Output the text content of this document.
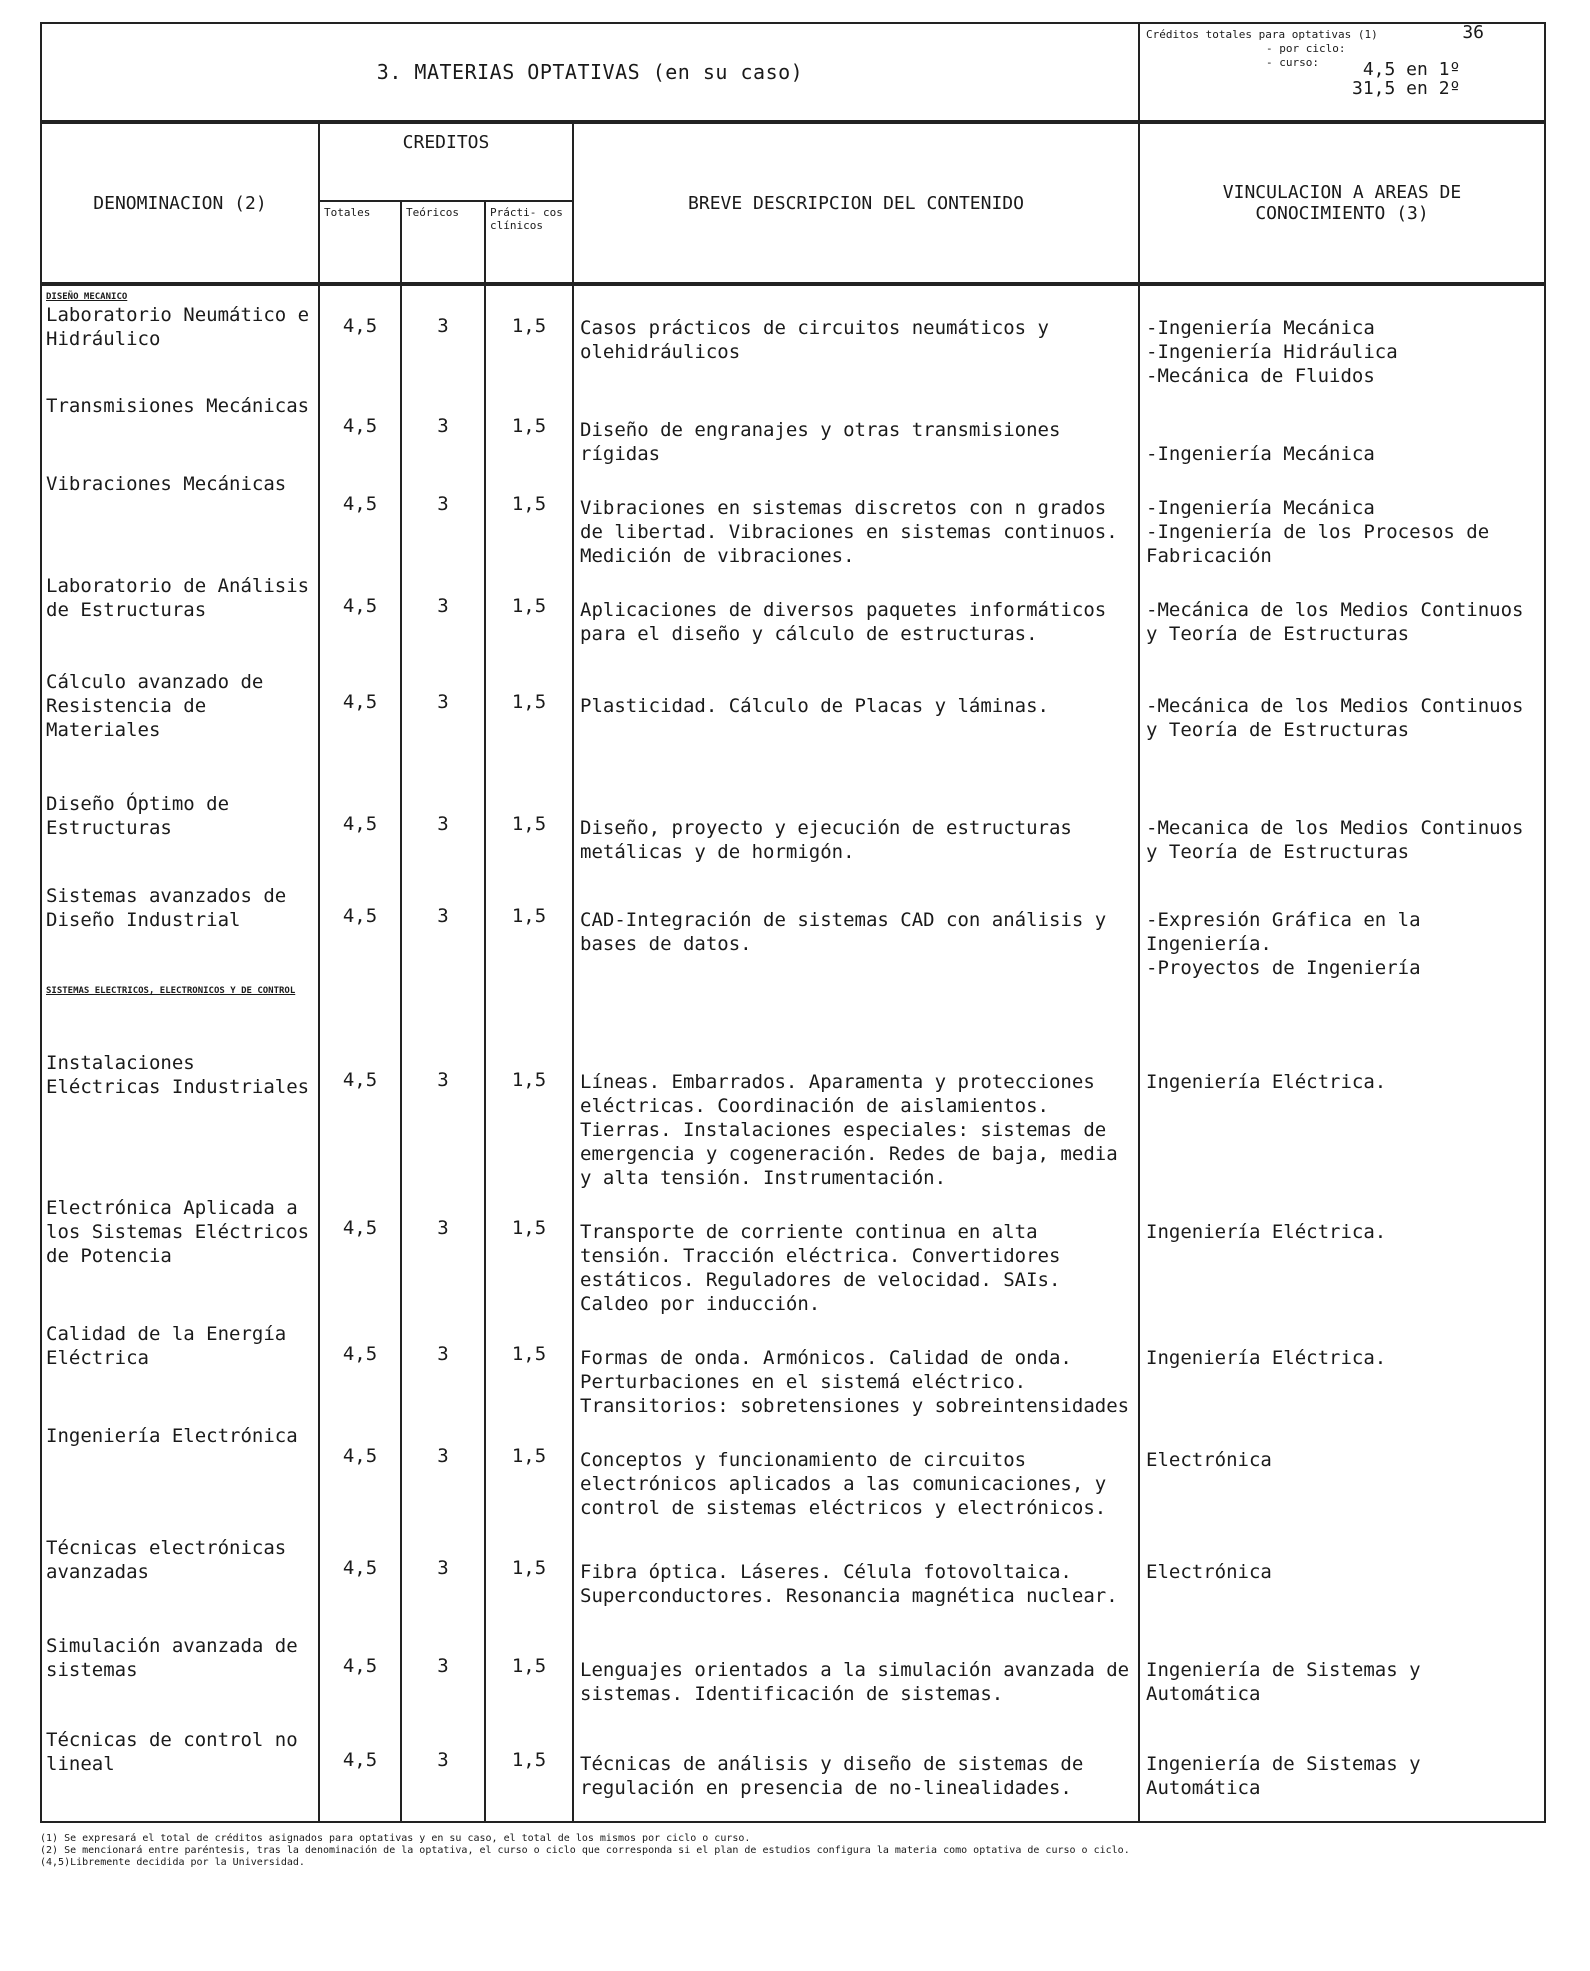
3. MATERIAS OPTATIVAS (en su caso)	
Créditos totales para optativas (1)	36
- por ciclo:
- curso:	4,5 en 1º
31,5 en 2º
DENOMINACION (2)	CREDITOS			BREVE DESCRIPCION DEL CONTENIDO	VINCULACION A AREAS DE CONOCIMIENTO (3)
	Totales	Teóricos	Prácti- cos clínicos		
DISEÑO MECANICO
Laboratorio Neumático e Hidráulico	4,5	3	1,5	Casos prácticos de circuitos neumáticos y olehidráulicos	-Ingeniería Mecánica
-Ingeniería Hidráulica
-Mecánica de Fluidos

Transmisiones Mecánicas	4,5	3	1,5	Diseño de engranajes y otras transmisiones rígidas	
-Ingeniería Mecánica

Vibraciones Mecánicas	4,5	3	1,5	Vibraciones en sistemas discretos con n grados de libertad. Vibraciones en sistemas continuos. Medición de vibraciones.	-Ingeniería Mecánica
-Ingeniería de los Procesos de Fabricación

Laboratorio de Análisis de Estructuras	4,5	3	1,5	Aplicaciones de diversos paquetes informáticos para el diseño y cálculo de estructuras.	-Mecánica de los Medios Continuos y Teoría de Estructuras

Cálculo avanzado de Resistencia de Materiales	4,5	3	1,5	Plasticidad. Cálculo de Placas y láminas.	-Mecánica de los Medios Continuos y Teoría de Estructuras

Diseño Óptimo de Estructuras	4,5	3	1,5	Diseño, proyecto y ejecución de estructuras metálicas y de hormigón.	-Mecanica de los Medios Continuos y Teoría de Estructuras

Sistemas avanzados de Diseño Industrial	4,5	3	1,5	CAD-Integración de sistemas CAD con análisis y bases de datos.	-Expresión Gráfica en la Ingeniería.
-Proyectos de Ingeniería

SISTEMAS ELECTRICOS, ELECTRONICOS Y DE CONTROL
Instalaciones Eléctricas Industriales	4,5	3	1,5	Líneas. Embarrados. Aparamenta y protecciones eléctricas. Coordinación de aislamientos. Tierras. Instalaciones especiales: sistemas de emergencia y cogeneración. Redes de baja, media y alta tensión. Instrumentación.	Ingeniería Eléctrica.

Electrónica Aplicada a los Sistemas Eléctricos de Potencia	4,5	3	1,5	Transporte de corriente continua en alta tensión. Tracción eléctrica. Convertidores estáticos. Reguladores de velocidad. SAIs. Caldeo por inducción.	Ingeniería Eléctrica.

Calidad de la Energía Eléctrica	4,5	3	1,5	Formas de onda. Armónicos. Calidad de onda. Perturbaciones en el sistemá eléctrico. Transitorios: sobretensiones y sobreintensidades	Ingeniería Eléctrica.

Ingeniería Electrónica	4,5	3	1,5	Conceptos y funcionamiento de circuitos electrónicos aplicados a las comunicaciones, y control de sistemas eléctricos y electrónicos.	Electrónica

Técnicas electrónicas avanzadas	4,5	3	1,5	Fibra óptica. Láseres. Célula fotovoltaica. Superconductores. Resonancia magnética nuclear.	Electrónica

Simulación avanzada de sistemas	4,5	3	1,5	Lenguajes orientados a la simulación avanzada de sistemas. Identificación de sistemas.	Ingeniería de Sistemas y Automática

Técnicas de control no lineal	4,5	3	1,5	Técnicas de análisis y diseño de sistemas de regulación en presencia de no-linealidades.	Ingeniería de Sistemas y Automática
(1) Se expresará el total de créditos asignados para optativas y en su caso, el total de los mismos por ciclo o curso.
(2) Se mencionará entre paréntesis, tras la denominación de la optativa, el curso o ciclo que corresponda si el plan de estudios configura la materia como optativa de curso o ciclo.
(4,5)Libremente decidida por la Universidad.
